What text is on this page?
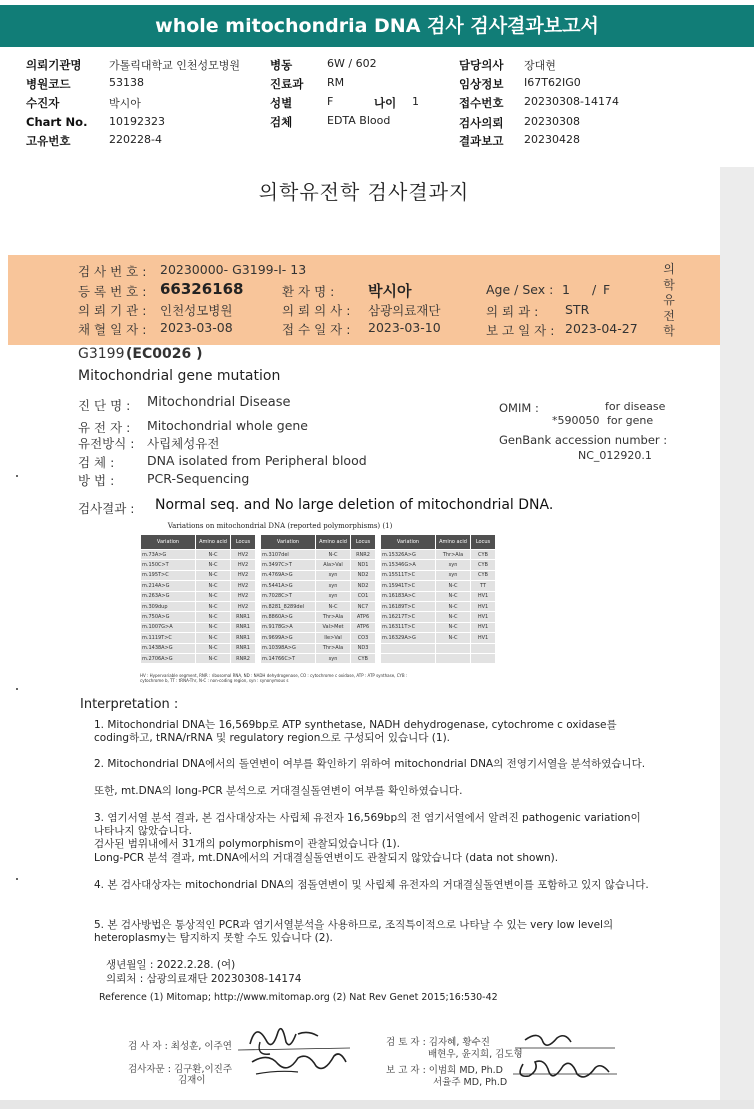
whole mitochondria DNA 검사 검사결과보고서
의뢰기관명 가톨릭대학교 인천성모병원	병동	6W / 602	담당의사 장대현
병원코드	53138	진료과 RM	임상정보 I67T62IG0
수진자	박시아	성별	F	나이 1	접수번호 20230308-14174
Chart No. 10192323	검체	EDTA Blood	검사의뢰 20230308
고유번호	220228-4	결과보고 20230428
의학유전학 검사결과지
검 사 번 호 : 20230000- G3199-I- 13
등 록 번 호 : 66326168	환 자 명 : 박시아	Age / Sex : 1 / F
의 뢰 기 관 : 인천성모병원	의 뢰 의 사 : 삼광의료재단	의 뢰 과 : STR
채 혈 일 자 : 2023-03-08	접 수 일 자 : 2023-03-10	보 고 일 자 : 2023-04-27
의학유전학
G3199 (EC0026 )
Mitochondrial gene mutation
진 단 명 : Mitochondrial Disease
유 전 자 : Mitochondrial whole gene
유전방식 : 사립체성유전
검 체 :	DNA isolated from Peripheral blood
방 법 :	PCR-Sequencing
OMIM :	for disease
*590050 for gene
GenBank accession number :
NC_012920.1
검사결과 : Normal seq. and No large deletion of mitochondrial DNA.
Variations on mitochondrial DNA (reported polymorphisms) (1)
Variation	Amino acid	Locus		Variation	Amino acid	Locus		Variation	Amino acid	Locus
m.73A>G	N-C	HV2		m.3107del	N-C	RNR2		m.15326A>G	Thr>Ala	CYB
m.150C>T	N-C	HV2		m.3497C>T	Ala>Val	ND1		m.15346G>A	syn	CYB
m.195T>C	N-C	HV2		m.4769A>G	syn	ND2		m.15511T>C	syn	CYB
m.214A>G	N-C	HV2		m.5441A>G	syn	ND2		m.15941T>C	N-C	TT
m.263A>G	N-C	HV2		m.7028C>T	syn	CO1		m.16183A>C	N-C	HV1
m.309dup	N-C	HV2		m.8281_8289del	N-C	NC7		m.16189T>C	N-C	HV1
m.750A>G	N-C	RNR1		m.8860A>G	Thr>Ala	ATP6		m.16217T>C	N-C	HV1
m.1007G>A	N-C	RNR1		m.9178G>A	Val>Met	ATP6		m.16311T>C	N-C	HV1
m.1119T>C	N-C	RNR1		m.9699A>G	Ile>Val	CO3		m.16329A>G	N-C	HV1
m.1438A>G	N-C	RNR1		m.10398A>G	Thr>Ala	ND3				
m.2706A>G	N-C	RNR2		m.14766C>T	syn	CYB				
HV : Hypervariable segment, RNR : ribosomal RNA, ND : NADH dehydrogenase, CO : cytochrome c oxidase, ATP : ATP synthase, CYB : cytochrome b, TT : tRNA-Thr, N-C : non-coding region, syn : synonymous s
Interpretation :
1. Mitochondrial DNA는 16,569bp로 ATP synthetase, NADH dehydrogenase, cytochrome c oxidase를 coding하고, tRNA/rRNA 및 regulatory region으로 구성되어 있습니다 (1).
2. Mitochondrial DNA에서의 돌연변이 여부를 확인하기 위하여 mitochondrial DNA의 전영기서열을 분석하였습니다.
또한, mt.DNA의 long-PCR 분석으로 거대결실돌연변이 여부를 확인하였습니다.
3. 염기서열 분석 결과, 본 검사대상자는 사립체 유전자 16,569bp의 전 염기서열에서 알려진 pathogenic variation이 나타나지 않았습니다.
검사된 범위내에서 31개의 polymorphism이 관찰되었습니다 (1).
Long-PCR 분석 결과, mt.DNA에서의 거대결실돌연변이도 관찰되지 않았습니다 (data not shown).
4. 본 검사대상자는 mitochondrial DNA의 점돌연변이 및 사립체 유전자의 거대결실돌연변이를 포함하고 있지 않습니다.
5. 본 검사방법은 통상적인 PCR과 염기서열분석을 사용하므로, 조직특이적으로 나타날 수 있는 very low level의 heteroplasmy는 탐지하지 못할 수도 있습니다 (2).
생년월일 : 2022.2.28. (여)
의뢰처 : 삼광의료재단 20230308-14174
Reference (1) Mitomap; http://www.mitomap.org (2) Nat Rev Genet 2015;16:530-42
검 사 자 : 최성훈, 이주연	검 토 자 : 김자혜, 황수진
배현우, 윤지희, 김도형
검사자문 : 김구환,이진주
김재이
보 고 자 : 이범희 MD, Ph.D
서율주 MD, Ph.D
